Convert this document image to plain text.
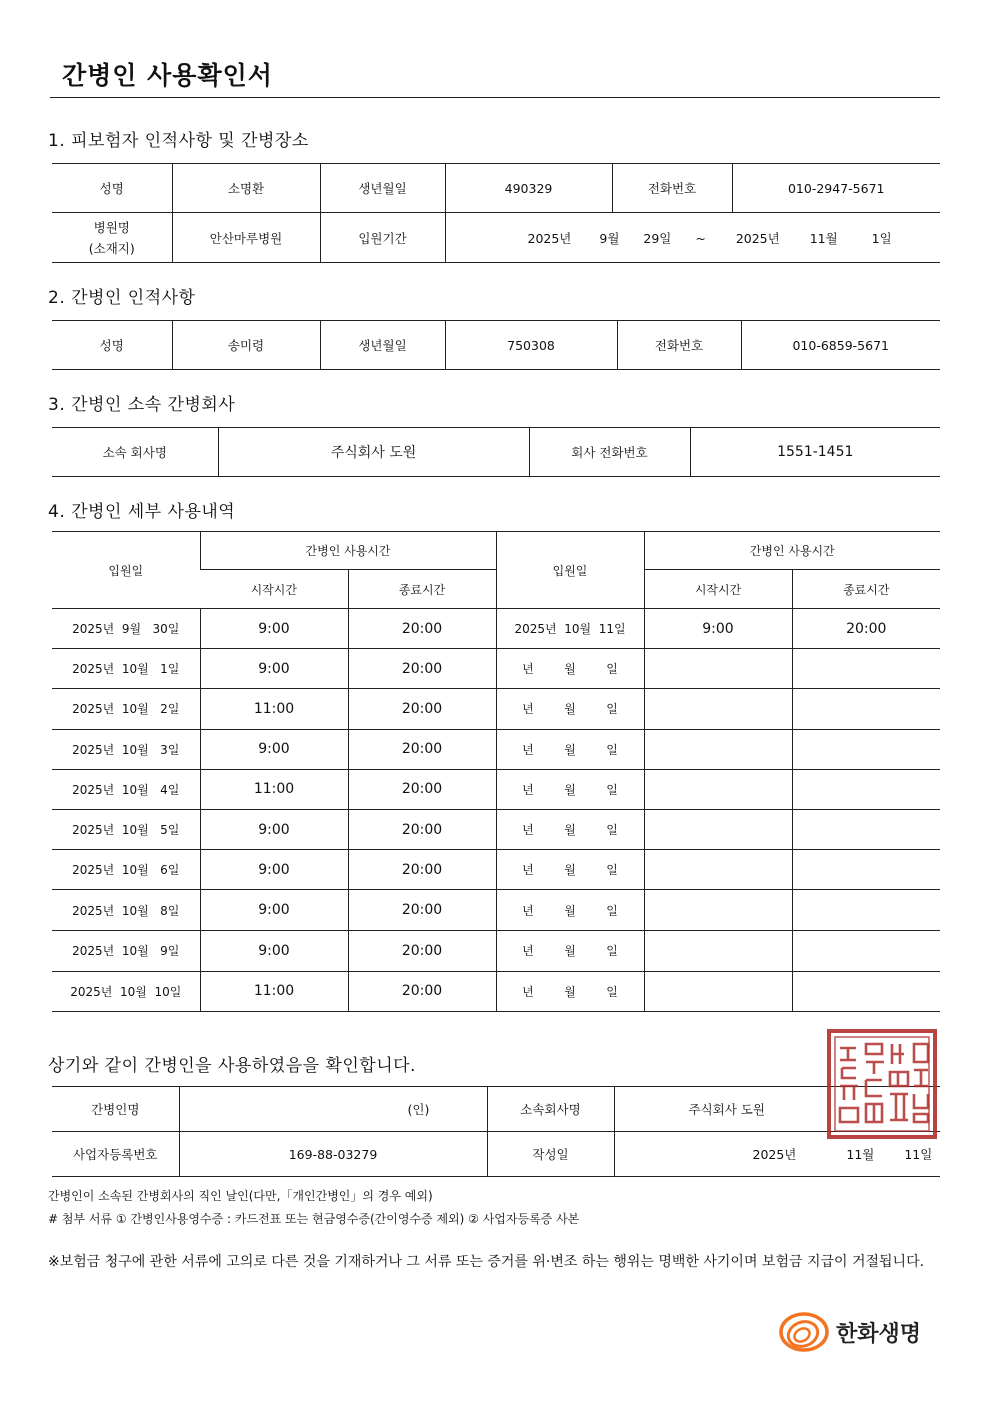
간병인 사용확인서
1. 피보험자 인적사항 및 간병장소
성명	소명환	생년월일	490329	전화번호	010-2947-5671

병원명
(소재지)	안산마루병원	입원기간	2025년 9월 29일 ~ 2025년 11월 1일		
2. 간병인 인적사항
성명	송미령	생년월일	750308	전화번호	010-6859-5671
3. 간병인 소속 간병회사
소속 회사명	주식회사 도원	회사 전화번호	1551-1451
4. 간병인 세부 사용내역
입원일	간병인 사용시간		입원일	간병인 사용시간	
	시작시간	종료시간		시작시간	종료시간
2025년  9월   30일	9:00	20:00	2025년  10월  11일	9:00	20:00
2025년  10월   1일	9:00	20:00	년        월        일		
2025년  10월   2일	11:00	20:00	년        월        일		
2025년  10월   3일	9:00	20:00	년        월        일		
2025년  10월   4일	11:00	20:00	년        월        일		
2025년  10월   5일	9:00	20:00	년        월        일		
2025년  10월   6일	9:00	20:00	년        월        일		
2025년  10월   8일	9:00	20:00	년        월        일		
2025년  10월   9일	9:00	20:00	년        월        일		
2025년  10월  10일	11:00	20:00	년        월        일		
상기와 같이 간병인을 사용하였음을 확인합니다.
간병인명	(인)	소속회사명	주식회사 도원
사업자등록번호	169-88-03279	작성일	2025년 11월 11일
간병인이 소속된 간병회사의 직인 날인(다만,「개인간병인」의 경우 예외)
# 첨부 서류 ① 간병인사용영수증 : 카드전표 또는 현금영수증(간이영수증 제외) ② 사업자등록증 사본
※보험금 청구에 관한 서류에 고의로 다른 것을 기재하거나 그 서류 또는 증거를 위·변조 하는 행위는 명백한 사기이며 보험금 지급이 거절됩니다.
한화생명
